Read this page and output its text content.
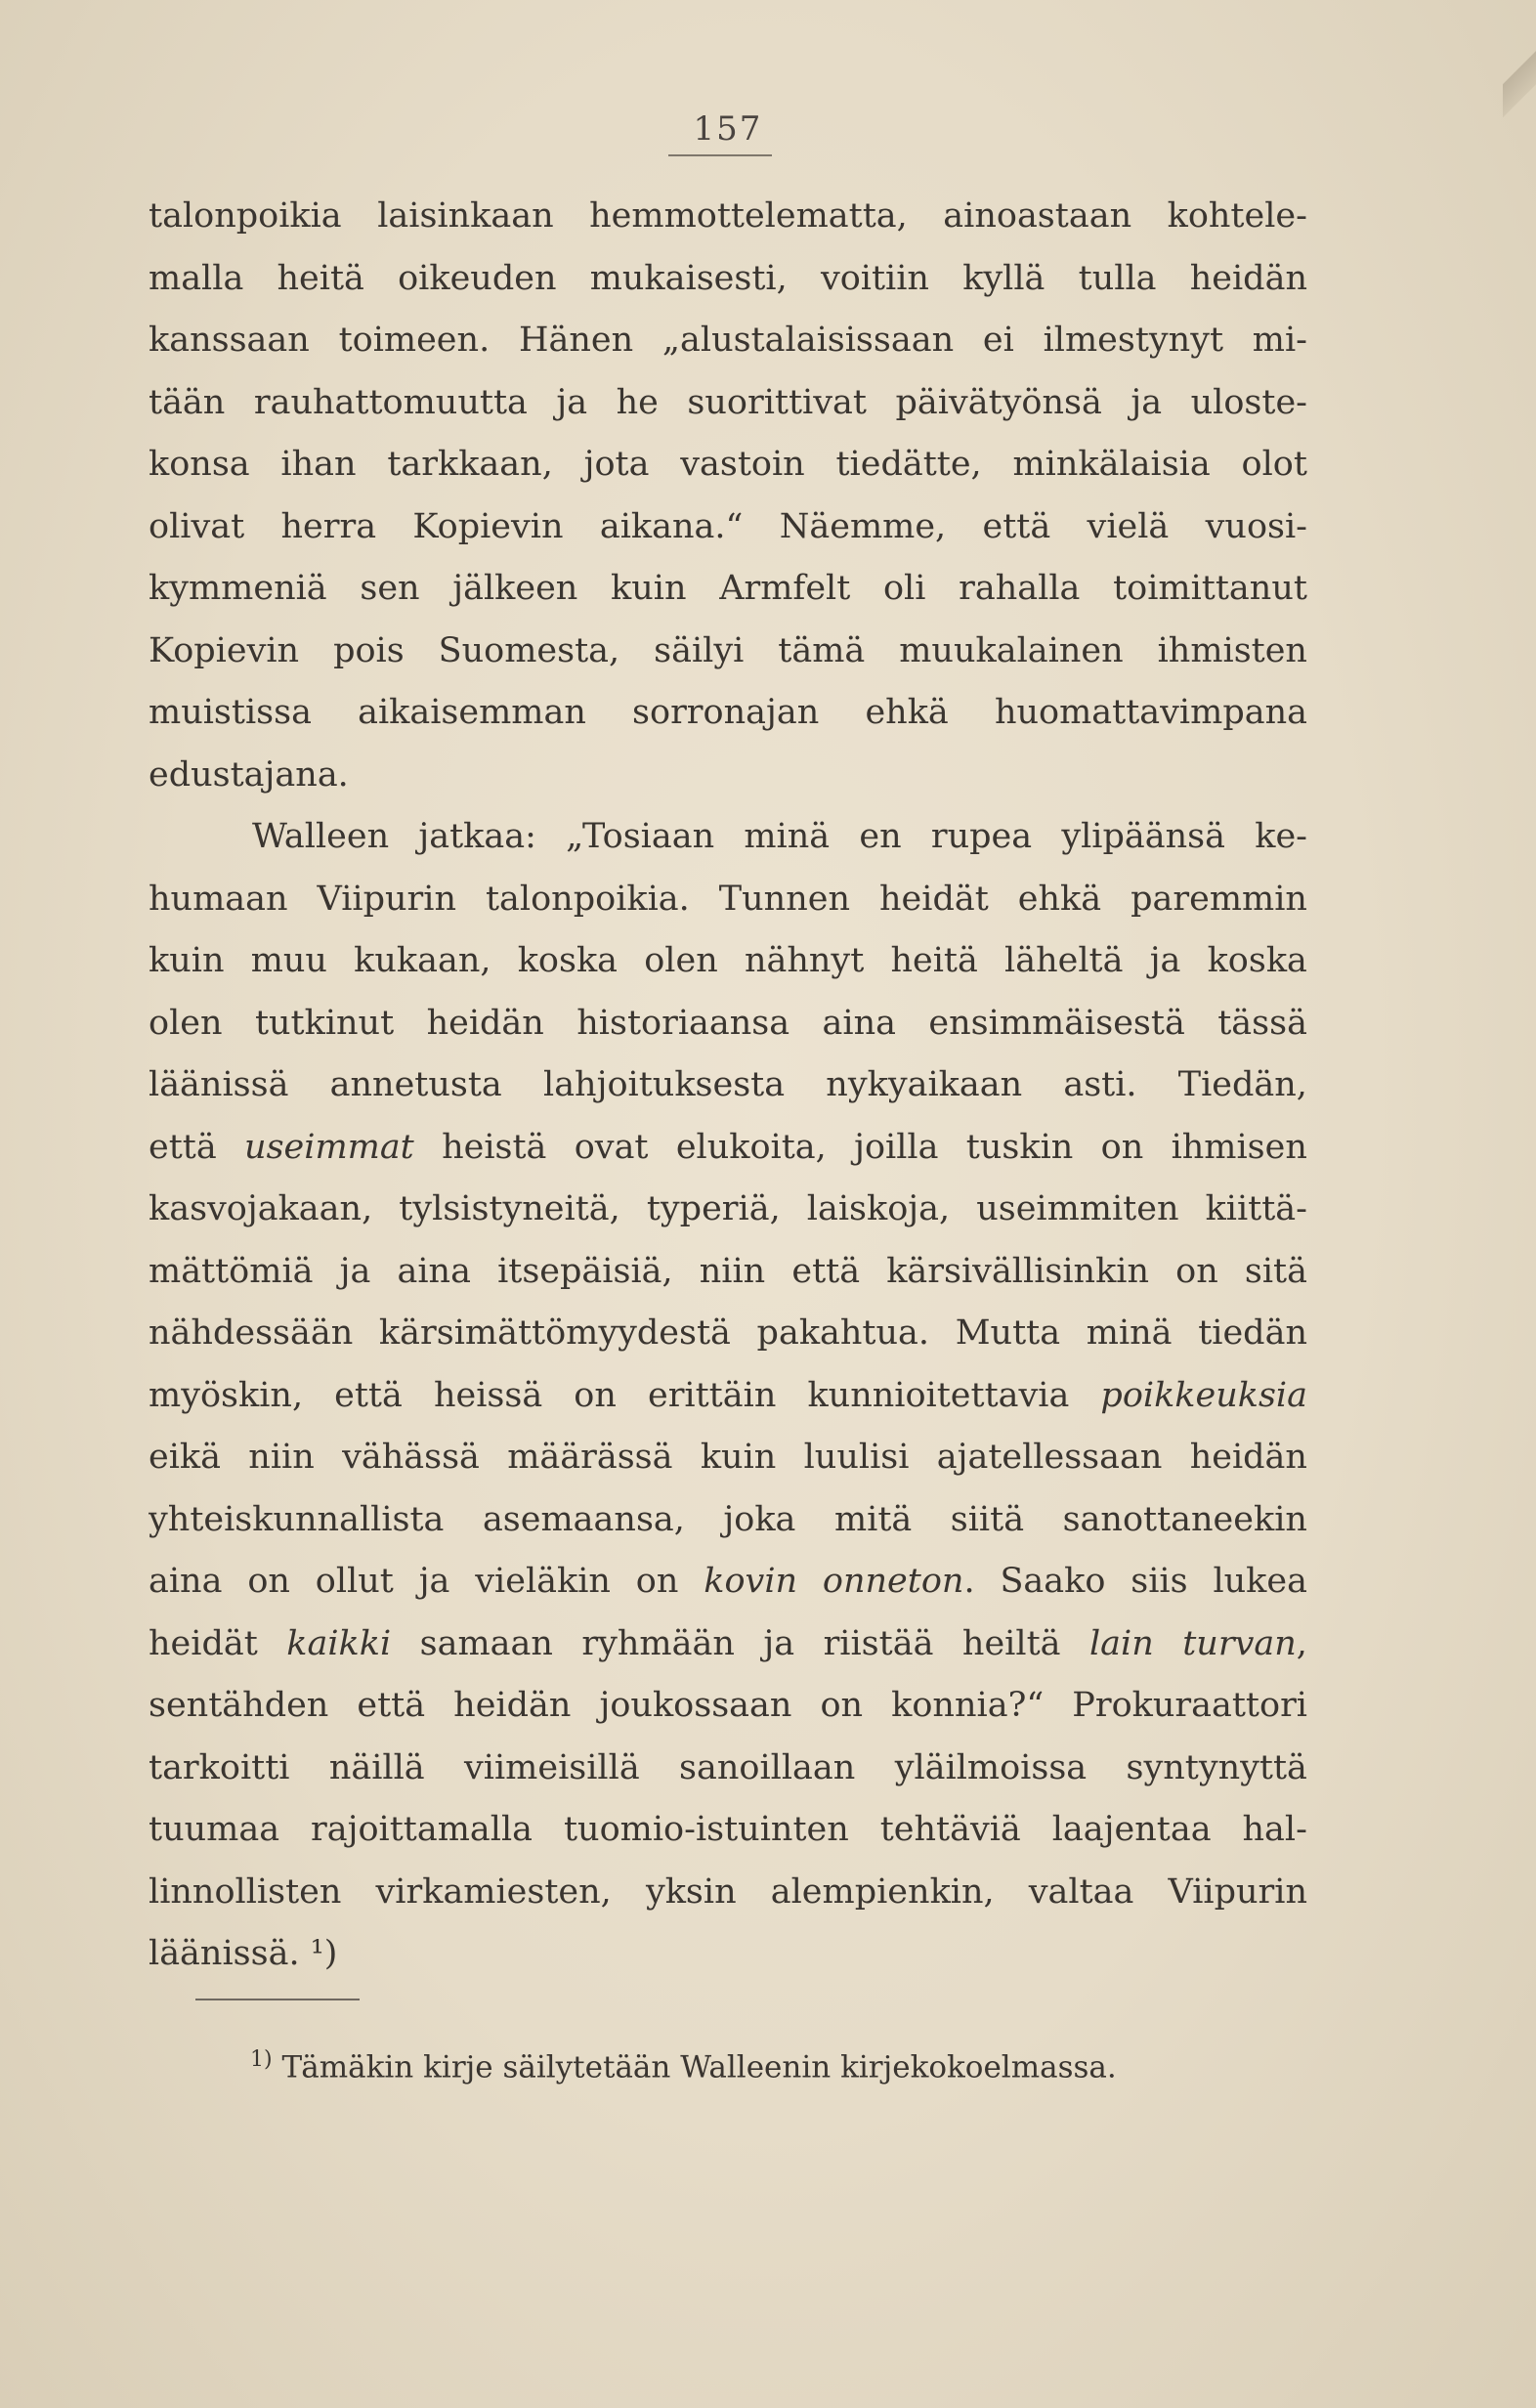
157
talonpoikia laisinkaan hemmottelematta, ainoastaan kohtele-
malla heitä oikeuden mukaisesti, voitiin kyllä tulla heidän
kanssaan toimeen. Hänen „alustalaisissaan ei ilmestynyt mi-
tään rauhattomuutta ja he suorittivat päivätyönsä ja uloste-
konsa ihan tarkkaan, jota vastoin tiedätte, minkälaisia olot
olivat herra Kopievin aikana.“ Näemme, että vielä vuosi-
kymmeniä sen jälkeen kuin Armfelt oli rahalla toimittanut
Kopievin pois Suomesta, säilyi tämä muukalainen ihmisten
muistissa aikaisemman sorronajan ehkä huomattavimpana
edustajana.
Walleen jatkaa: „Tosiaan minä en rupea ylipäänsä ke-
humaan Viipurin talonpoikia. Tunnen heidät ehkä paremmin
kuin muu kukaan, koska olen nähnyt heitä läheltä ja koska
olen tutkinut heidän historiaansa aina ensimmäisestä tässä
läänissä annetusta lahjoituksesta nykyaikaan asti. Tiedän,
että useimmat heistä ovat elukoita, joilla tuskin on ihmisen
kasvojakaan, tylsistyneitä, typeriä, laiskoja, useimmiten kiittä-
mättömiä ja aina itsepäisiä, niin että kärsivällisinkin on sitä
nähdessään kärsimättömyydestä pakahtua. Mutta minä tiedän
myöskin, että heissä on erittäin kunnioitettavia poikkeuksia
eikä niin vähässä määrässä kuin luulisi ajatellessaan heidän
yhteiskunnallista asemaansa, joka mitä siitä sanottaneekin
aina on ollut ja vieläkin on kovin onneton. Saako siis lukea
heidät kaikki samaan ryhmään ja riistää heiltä lain turvan,
sentähden että heidän joukossaan on konnia?“ Prokuraattori
tarkoitti näillä viimeisillä sanoillaan yläilmoissa syntynyttä
tuumaa rajoittamalla tuomio-istuinten tehtäviä laajentaa hal-
linnollisten virkamiesten, yksin alempienkin, valtaa Viipurin
läänissä. ¹)
$^{1)}$ Tämäkin kirje säilytetään Walleenin kirjekokoelmassa.
